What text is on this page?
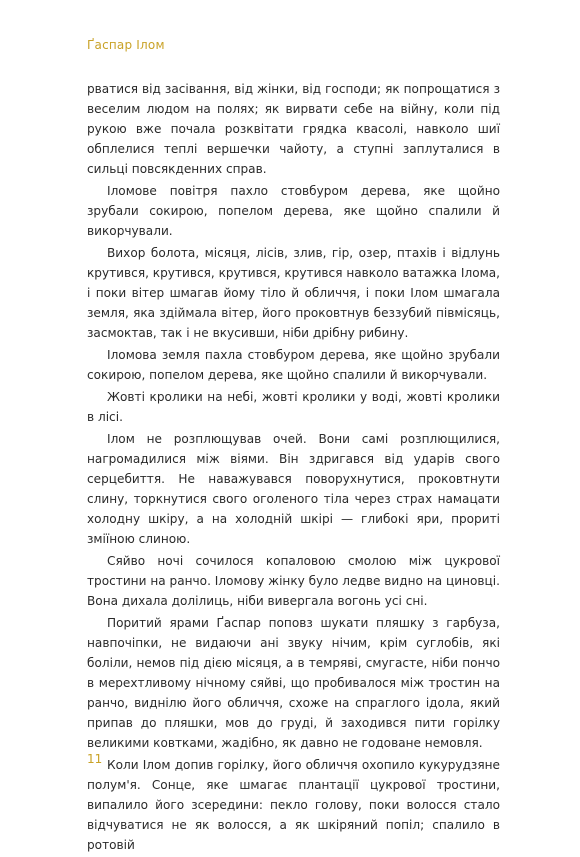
Ґаспар Ілом

рватися від засівання, від жінки, від господи; як попрощатися з веселим людом на полях; як вирвати себе на війну, коли під рукою вже почала розквітати грядка квасолі, навколо шиї обплелися теплі вершечки чайоту, а ступні заплуталися в сильці повсякденних справ.

Іломове повітря пахло стовбуром дерева, яке щойно зрубали сокирою, попелом дерева, яке щойно спалили й викорчували.

Вихор болота, місяця, лісів, злив, гір, озер, птахів і відлунь крутився, крутився, крутився, крутився навколо ватажка Ілома, і поки вітер шмагав йому тіло й обличчя, і поки Ілом шмагала земля, яка здіймала вітер, його проковтнув беззубий півмісяць, засмоктав, так і не вкусивши, ніби дрібну рибину.

Іломова земля пахла стовбуром дерева, яке щойно зрубали сокирою, попелом дерева, яке щойно спалили й викорчували.

Жовті кролики на небі, жовті кролики у воді, жовті кролики в лісі.

Ілом не розплющував очей. Вони самі розплющилися, нагромадилися між віями. Він здригався від ударів свого серцебиття. Не наважувався поворухнутися, проковтнути слину, торкнутися свого оголеного тіла через страх намацати холодну шкіру, а на холодній шкірі — глибокі яри, прориті зміїною слиною.

Сяйво ночі сочилося копаловою смолою між цукрової тростини на ранчо. Іломову жінку було ледве видно на циновці. Вона дихала долілиць, ніби вивергала вогонь усі сні.

Поритий ярами Ґаспар поповз шукати пляшку з гарбуза, навпочіпки, не видаючи ані звуку нічим, крім суглобів, які боліли, немов під дією місяця, а в темряві, смугасте, ніби пончо в мерехтливому нічному сяйві, що пробивалося між тростин на ранчо, виднілю його обличчя, схоже на спраглого ідола, який припав до пляшки, мов до груді, й заходився пити горілку великими ковтками, жадібно, як давно не годоване немовля.

Коли Ілом допив горілку, його обличчя охопило кукурудзяне полум'я. Сонце, яке шмагає плантації цукрової тростини, випалило його зсередини: пекло голову, поки волосся стало відчуватися не як волосся, а як шкіряний попіл; спалило в ротовій

11
